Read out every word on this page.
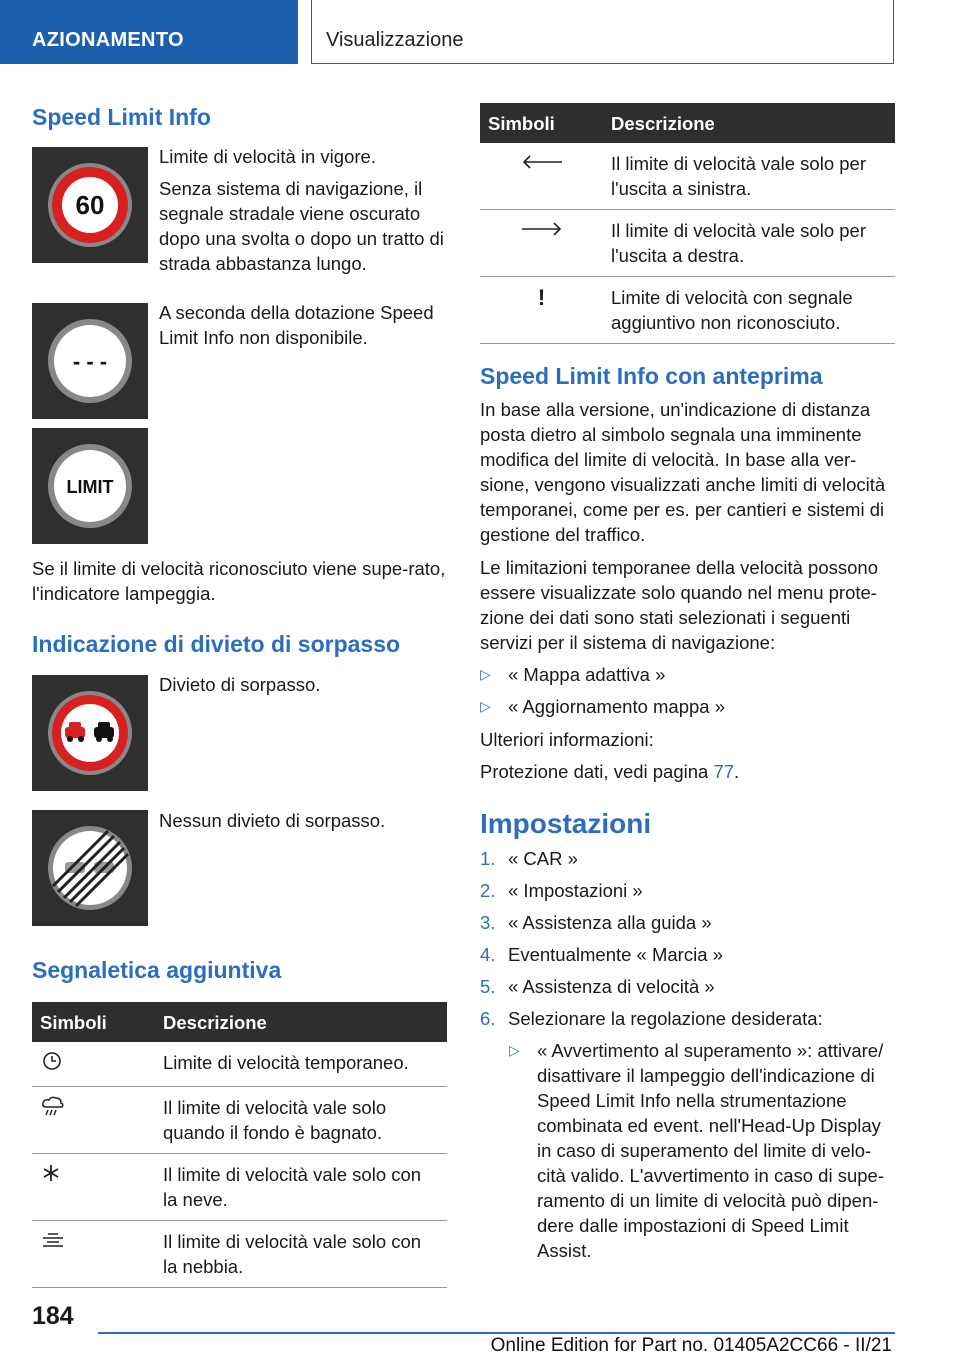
AZIONAMENTO	Visualizzazione
Speed Limit Info
60

Limite di velocità in vigore.

Senza sistema di navigazione, il segnale stradale viene oscurato dopo una svolta o dopo un tratto di strada abbastanza lungo.

- - -

A seconda della dotazione Speed Limit Info non disponibile.

LIMIT

Se il limite di velocità riconosciuto viene supe-rato, l'indicatore lampeggia.

Indicazione di divieto di sorpasso

Divieto di sorpasso.

Nessun divieto di sorpasso.

Segnaletica aggiuntiva
Simboli	Descrizione
	Limite di velocità temporaneo.
	Il limite di velocità vale solo quando il fondo è bagnato.
	Il limite di velocità vale solo con la neve.
	Il limite di velocità vale solo con la nebbia.
Simboli	Descrizione
	Il limite di velocità vale solo per l'uscita a sinistra.
	Il limite di velocità vale solo per l'uscita a destra.
!	Limite di velocità con segnale aggiuntivo non riconosciuto.
Speed Limit Info con anteprima

In base alla versione, un'indicazione di distanza posta dietro al simbolo segnala una imminente modifica del limite di velocità. In base alla ver-sione, vengono visualizzati anche limiti di velocità temporanei, come per es. per cantieri e sistemi di gestione del traffico.

Le limitazioni temporanee della velocità possono essere visualizzate solo quando nel menu prote-zione dei dati sono stati selezionati i seguenti servizi per il sistema di navigazione:

▷ « Mappa adattiva »
▷ « Aggiornamento mappa »

Ulteriori informazioni:

Protezione dati, vedi pagina 77.

Impostazioni
1. « CAR »
2. « Impostazioni »
3. « Assistenza alla guida »
4. Eventualmente « Marcia »
5. « Assistenza di velocità »
6. Selezionare la regolazione desiderata:
▷ « Avvertimento al superamento »: attivare/ disattivare il lampeggio dell'indicazione di Speed Limit Info nella strumentazione combinata ed event. nell'Head-Up Display in caso di superamento del limite di velo-cità valido. L'avvertimento in caso di supe-ramento di un limite di velocità può dipen-dere dalle impostazioni di Speed Limit Assist.
184
Online Edition for Part no. 01405A2CC66 - II/21
